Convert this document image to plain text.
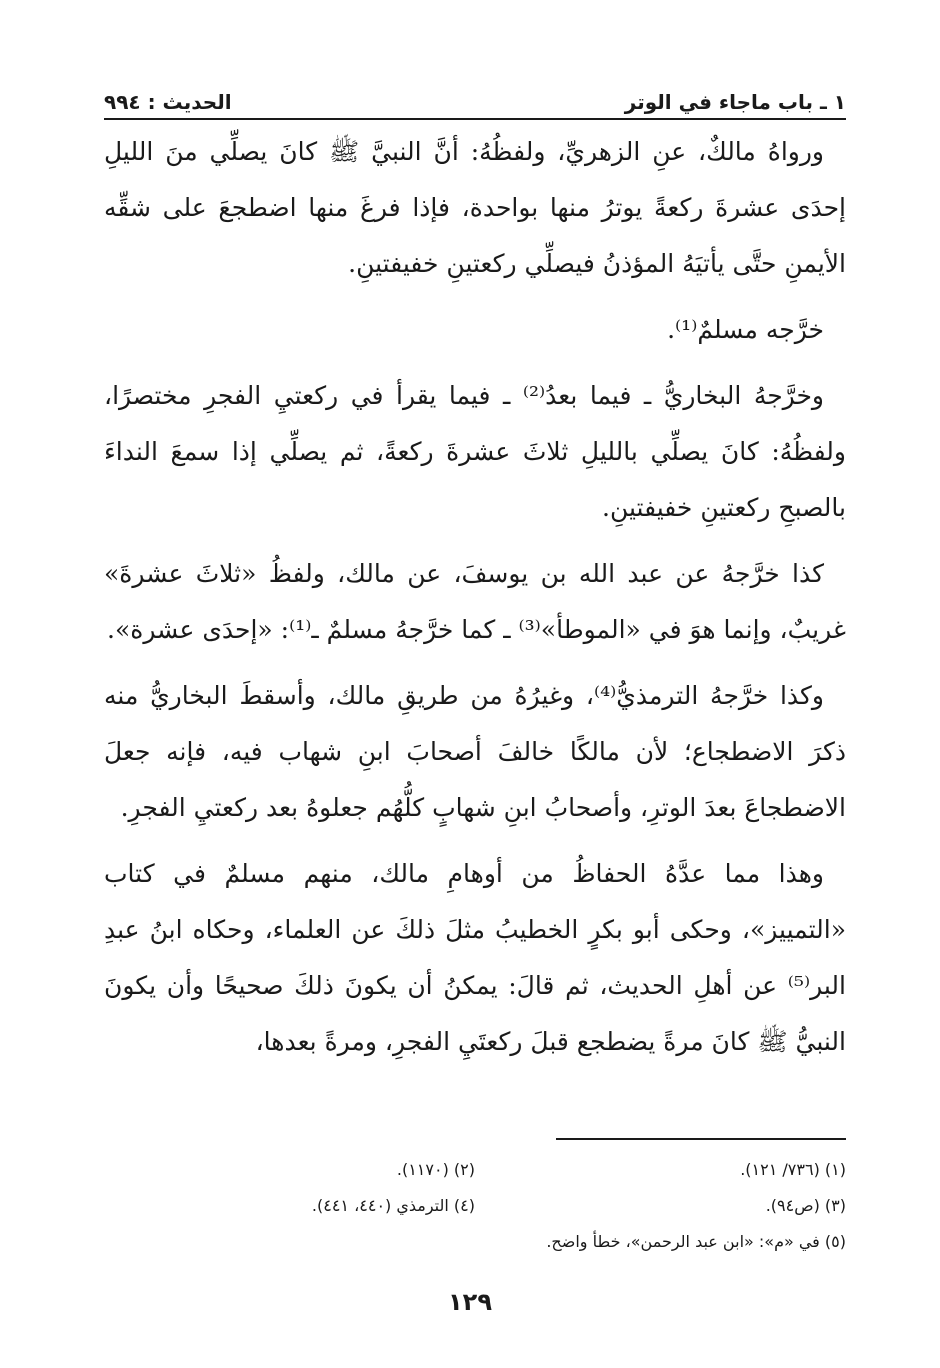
١ ـ باب ماجاء في الوتر
الحديث : ٩٩٤

ورواهُ مالكٌ، عنِ الزهريِّ، ولفظُهُ: أنَّ النبيَّ ﷺ كانَ يصلِّي منَ الليلِ إحدَى عشرةَ ركعةً يوترُ منها بواحدة، فإذا فرغَ منها اضطجعَ على شقِّه الأيمنِ حتَّى يأتيَهُ المؤذنُ فيصلِّي ركعتينِ خفيفتينِ.

خرَّجه مسلمٌ⁽¹⁾.

وخرَّجهُ البخاريُّ ـ فيما بعدُ⁽²⁾ ـ فيما يقرأ في ركعتيِ الفجرِ مختصرًا، ولفظُهُ: كانَ يصلِّي بالليلِ ثلاثَ عشرةَ ركعةً، ثم يصلِّي إذا سمعَ النداءَ بالصبحِ ركعتينِ خفيفتينِ.

كذا خرَّجهُ عن عبد الله بن يوسفَ، عن مالك، ولفظُ «ثلاثَ عشرةَ» غريبٌ، وإنما هوَ في «الموطأ»⁽³⁾ ـ كما خرَّجهُ مسلمٌ ـ⁽¹⁾: «إحدَى عشرة».

وكذا خرَّجهُ الترمذيُّ⁽⁴⁾، وغيرُهُ من طريقِ مالك، وأسقطَ البخاريُّ منه ذكرَ الاضطجاع؛ لأن مالكًا خالفَ أصحابَ ابنِ شهاب فيه، فإنه جعلَ الاضطجاعَ بعدَ الوترِ، وأصحابُ ابنِ شهابٍ كلُّهُم جعلوهُ بعد ركعتيِ الفجرِ.

وهذا مما عدَّهُ الحفاظُ من أوهامِ مالك، منهم مسلمٌ في كتاب «التمييز»، وحكى أبو بكرٍ الخطيبُ مثلَ ذلكَ عن العلماء، وحكاه ابنُ عبدِ البر⁽⁵⁾ عن أهلِ الحديث، ثم قالَ: يمكنُ أن يكونَ ذلكَ صحيحًا وأن يكونَ النبيُّ ﷺ كانَ مرةً يضطجع قبلَ ركعتَيِ الفجرِ، ومرةً بعدها،

(١) (٧٣٦/ ١٢١).
(٢) (١١٧٠).
(٣) (ص٩٤).
(٤) الترمذي (٤٤٠، ٤٤١).
(٥) في «م»: «ابن عبد الرحمن»، خطأ واضح.
١٢٩
